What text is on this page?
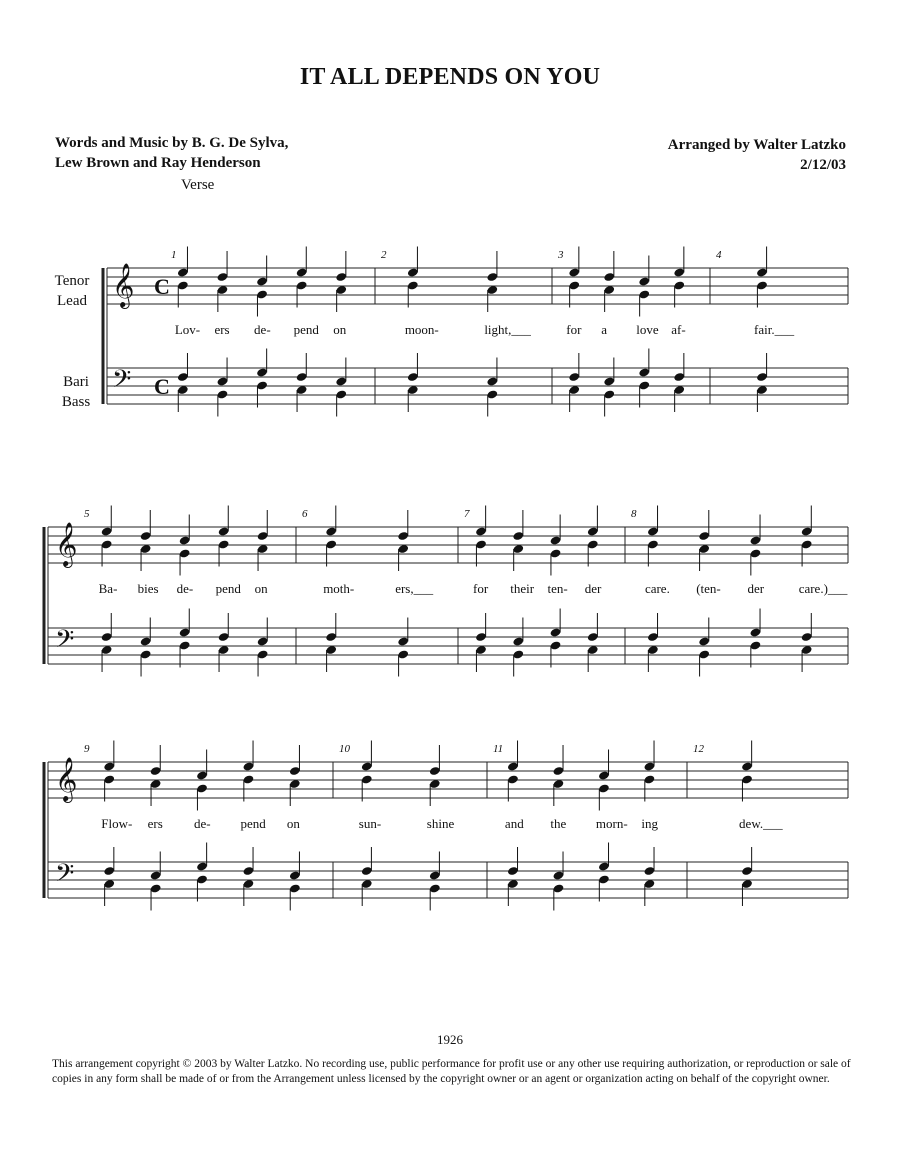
IT ALL DEPENDS ON YOU
Words and Music by B. G. De Sylva,
Lew Brown and Ray Henderson
Arranged by Walter Latzko
2/12/03
Verse
Tenor
Lead
Bari
Bass
𝄞 C
𝄢 C
1
Lov- ers de- pend on
2
moon-	light,___
3
for a love af-
4
fair.___
𝄞
𝄢
5
Ba- bies de- pend on
6
moth-	ers,___
7
for their ten- der
8
care. (ten- der	care.)___
𝄞
𝄢
9
Flow- ers de- pend on
10
sun-	shine
11
and the morn- ing
12
dew.___
1926
This arrangement copyright © 2003 by Walter Latzko. No recording use, public performance for profit use or any other use requiring authorization, or reproduction or sale of copies in any form shall be made of or from the Arrangement unless licensed by the copyright owner or an agent or organization acting on behalf of the copyright owner.
